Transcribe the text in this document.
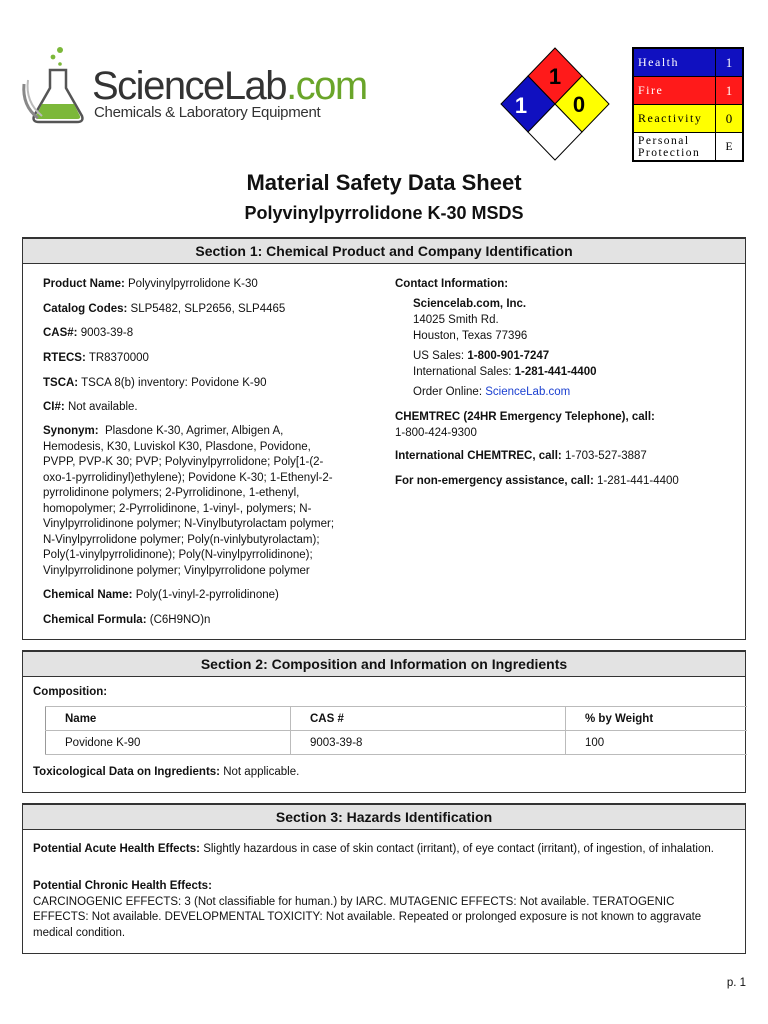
ScienceLab.com
Chemicals & Laboratory Equipment
1
1 0
Health	1
Fire	1
Reactivity	0
Personal Protection	E
Material Safety Data Sheet
Polyvinylpyrrolidone K-30 MSDS
Section 1: Chemical Product and Company Identification
Product Name: Polyvinylpyrrolidone K-30
Catalog Codes: SLP5482, SLP2656, SLP4465
CAS#: 9003-39-8
RTECS: TR8370000
TSCA: TSCA 8(b) inventory: Povidone K-90
CI#: Not available.
Synonym: Plasdone K-30, Agrimer, Albigen A,
Hemodesis, K30, Luviskol K30, Plasdone, Povidone,
PVPP, PVP-K 30; PVP; Polyvinylpyrrolidone; Poly[1-(2-
oxo-1-pyrrolidinyl)ethylene); Povidone K-30; 1-Ethenyl-2-
pyrrolidinone polymers; 2-Pyrrolidinone, 1-ethenyl,
homopolymer; 2-Pyrrolidinone, 1-vinyl-, polymers; N-
Vinylpyrrolidinone polymer; N-Vinylbutyrolactam polymer;
N-Vinylpyrrolidone polymer; Poly(n-vinlybutyrolactam);
Poly(1-vinylpyrrolidinone); Poly(N-vinylpyrrolidinone);
Vinylpyrrolidinone polymer; Vinylpyrrolidone polymer
Chemical Name: Poly(1-vinyl-2-pyrrolidinone)
Chemical Formula: (C6H9NO)n
Contact Information:
Sciencelab.com, Inc.
14025 Smith Rd.
Houston, Texas 77396
US Sales: 1-800-901-7247
International Sales: 1-281-441-4400
Order Online: ScienceLab.com
CHEMTREC (24HR Emergency Telephone), call:
1-800-424-9300
International CHEMTREC, call: 1-703-527-3887
For non-emergency assistance, call: 1-281-441-4400
Section 2: Composition and Information on Ingredients
Composition:
Name	CAS #	% by Weight
Povidone K-90	9003-39-8	100
Toxicological Data on Ingredients: Not applicable.
Section 3: Hazards Identification
Potential Acute Health Effects: Slightly hazardous in case of skin contact (irritant), of eye contact (irritant), of ingestion, of inhalation.
Potential Chronic Health Effects:
CARCINOGENIC EFFECTS: 3 (Not classifiable for human.) by IARC. MUTAGENIC EFFECTS: Not available. TERATOGENIC EFFECTS: Not available. DEVELOPMENTAL TOXICITY: Not available. Repeated or prolonged exposure is not known to aggravate medical condition.
p. 1
